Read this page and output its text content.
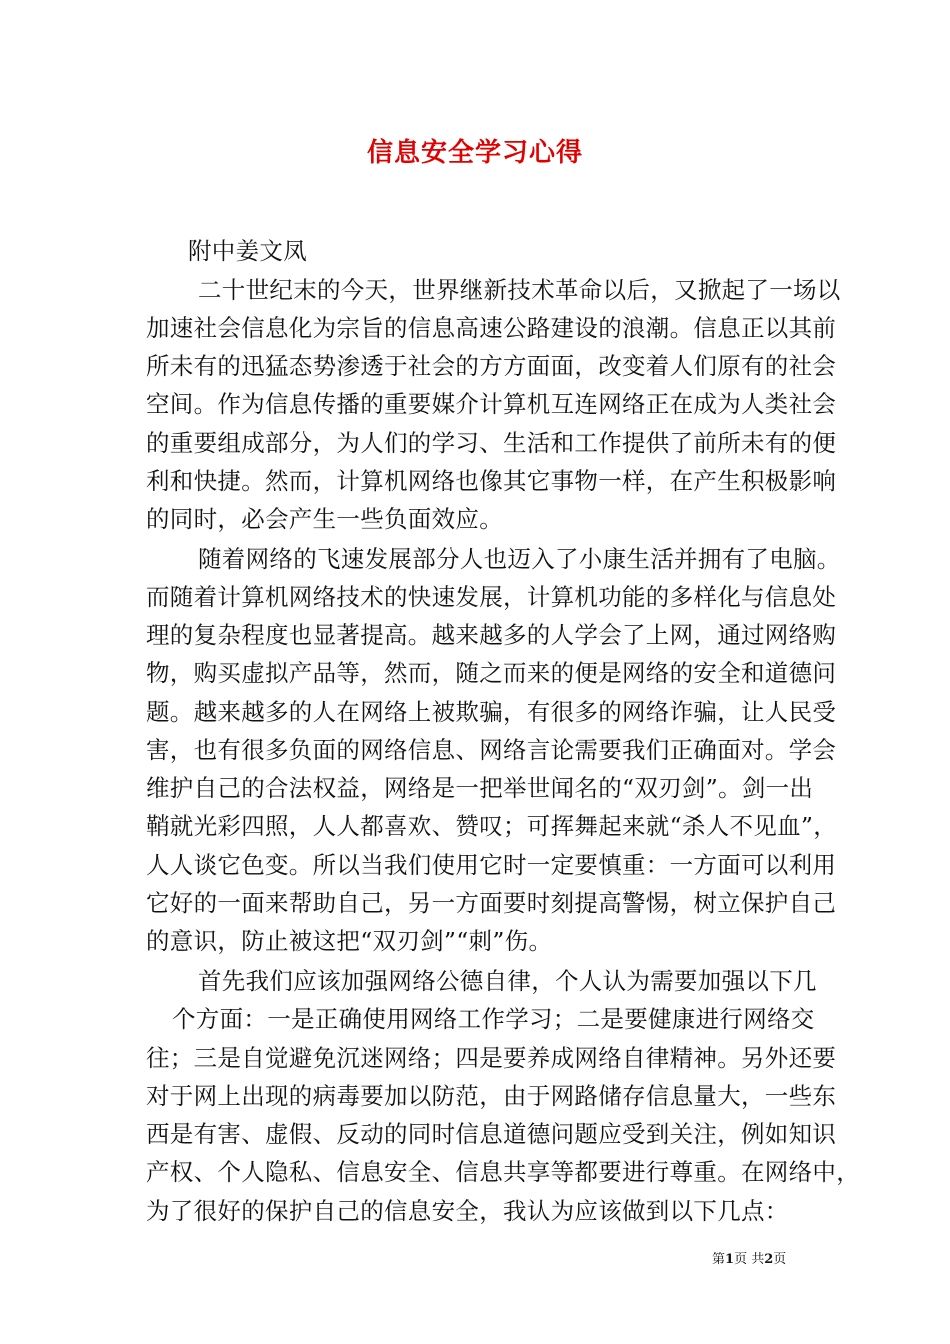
信息安全学习心得
附中姜文凤
二十世纪末的今天，世界继新技术革命以后，又掀起了一场以
加速社会信息化为宗旨的信息高速公路建设的浪潮。信息正以其前
所未有的迅猛态势渗透于社会的方方面面，改变着人们原有的社会
空间。作为信息传播的重要媒介计算机互连网络正在成为人类社会
的重要组成部分，为人们的学习、生活和工作提供了前所未有的便
利和快捷。然而，计算机网络也像其它事物一样，在产生积极影响
的同时，必会产生一些负面效应。
随着网络的飞速发展部分人也迈入了小康生活并拥有了电脑。
而随着计算机网络技术的快速发展，计算机功能的多样化与信息处
理的复杂程度也显著提高。越来越多的人学会了上网，通过网络购
物，购买虚拟产品等，然而，随之而来的便是网络的安全和道德问
题。越来越多的人在网络上被欺骗，有很多的网络诈骗，让人民受
害，也有很多负面的网络信息、网络言论需要我们正确面对。学会
维护自己的合法权益，网络是一把举世闻名的“双刃剑”。剑一出
鞘就光彩四照，人人都喜欢、赞叹；可挥舞起来就“杀人不见血”，
人人谈它色变。所以当我们使用它时一定要慎重：一方面可以利用
它好的一面来帮助自己，另一方面要时刻提高警惕，树立保护自己
的意识，防止被这把“双刃剑”“刺”伤。
首先我们应该加强网络公德自律，个人认为需要加强以下几
个方面：一是正确使用网络工作学习；二是要健康进行网络交
往；三是自觉避免沉迷网络；四是要养成网络自律精神。另外还要
对于网上出现的病毒要加以防范，由于网路储存信息量大，一些东
西是有害、虚假、反动的同时信息道德问题应受到关注，例如知识
产权、个人隐私、信息安全、信息共享等都要进行尊重。在网络中，
为了很好的保护自己的信息安全，我认为应该做到以下几点：
第1页 共2页
